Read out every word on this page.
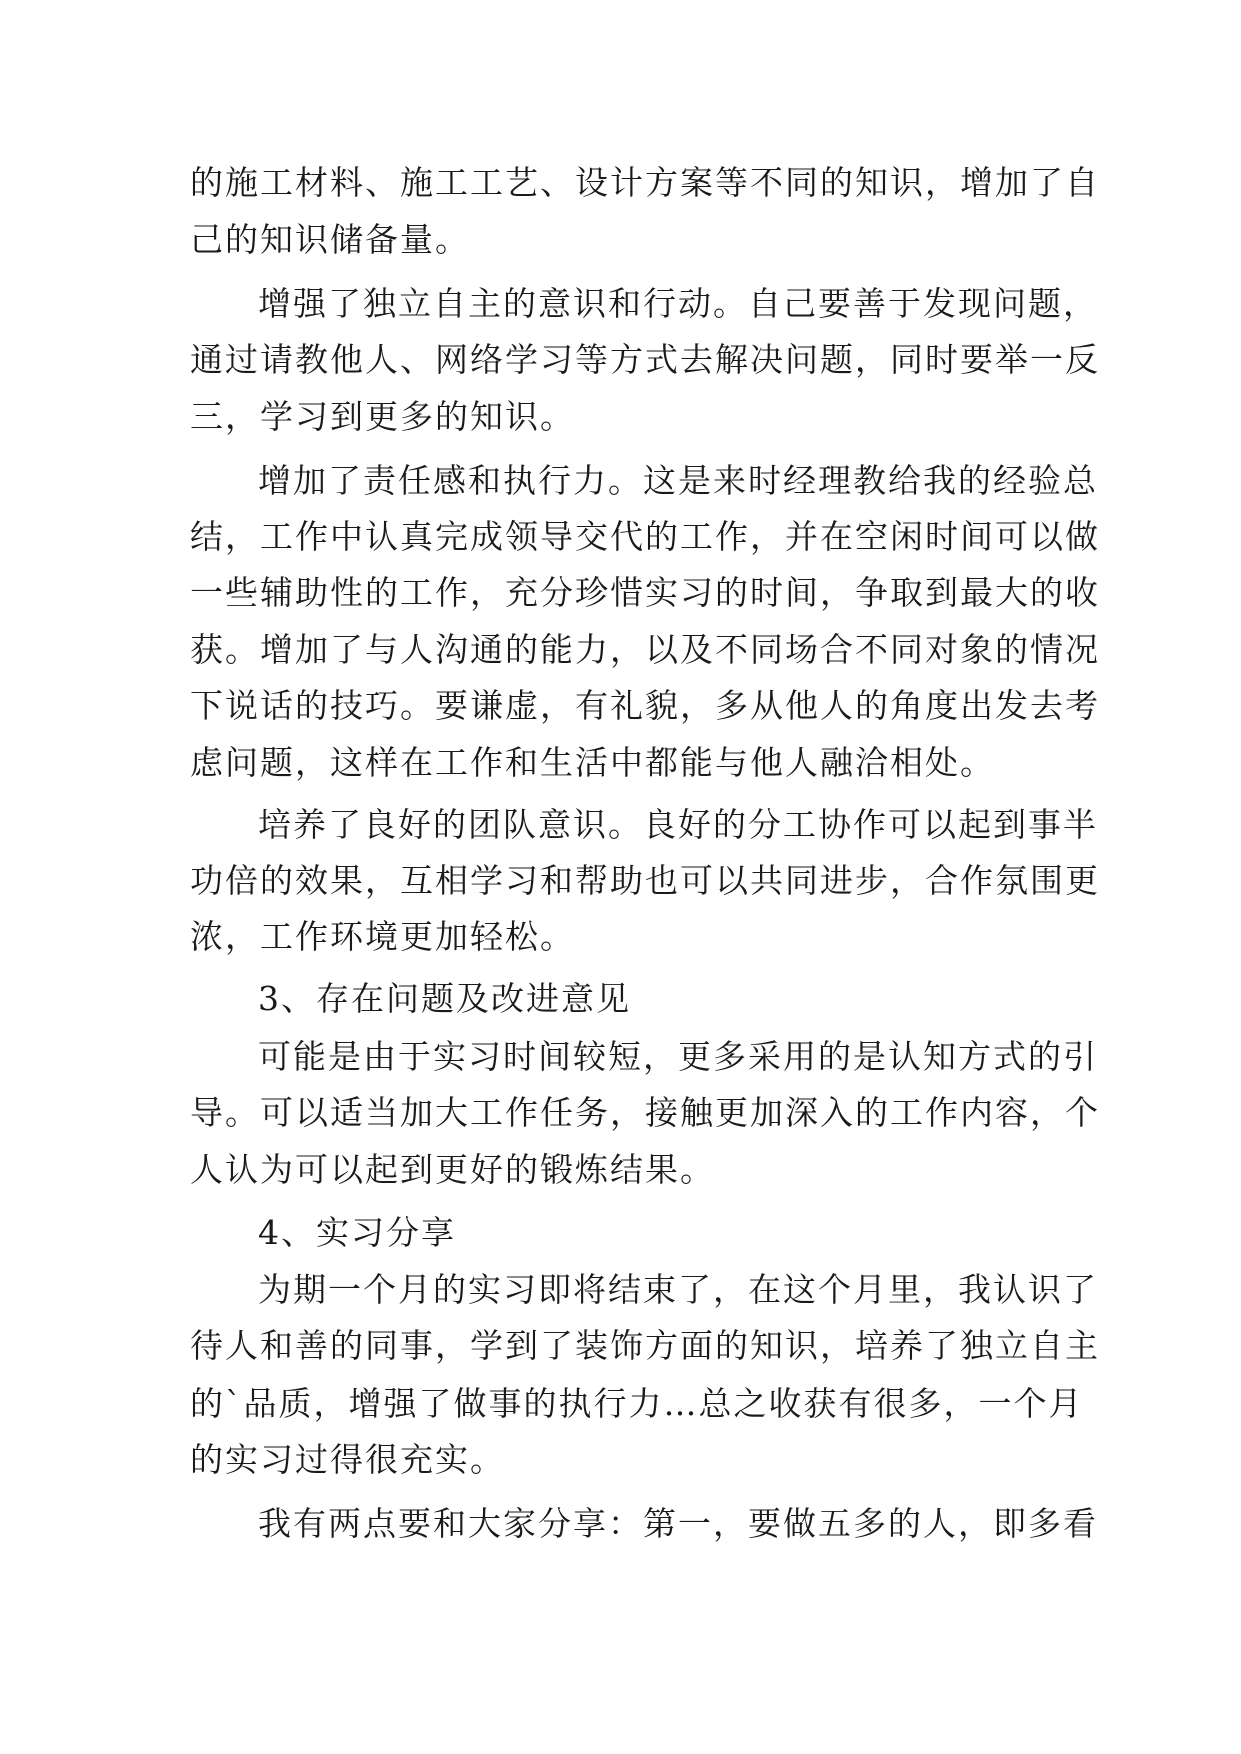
的施工材料、施工工艺、设计方案等不同的知识，增加了自
己的知识储备量。
增强了独立自主的意识和行动。自己要善于发现问题，
通过请教他人、网络学习等方式去解决问题，同时要举一反
三，学习到更多的知识。
增加了责任感和执行力。这是来时经理教给我的经验总
结，工作中认真完成领导交代的工作，并在空闲时间可以做
一些辅助性的工作，充分珍惜实习的时间，争取到最大的收
获。增加了与人沟通的能力，以及不同场合不同对象的情况
下说话的技巧。要谦虚，有礼貌，多从他人的角度出发去考
虑问题，这样在工作和生活中都能与他人融洽相处。
培养了良好的团队意识。良好的分工协作可以起到事半
功倍的效果，互相学习和帮助也可以共同进步，合作氛围更
浓，工作环境更加轻松。
3、存在问题及改进意见
可能是由于实习时间较短，更多采用的是认知方式的引
导。可以适当加大工作任务，接触更加深入的工作内容，个
人认为可以起到更好的锻炼结果。
4、实习分享
为期一个月的实习即将结束了，在这个月里，我认识了
待人和善的同事，学到了装饰方面的知识，培养了独立自主
的`品质，增强了做事的执行力…总之收获有很多，一个月
的实习过得很充实。
我有两点要和大家分享：第一，要做五多的人，即多看
